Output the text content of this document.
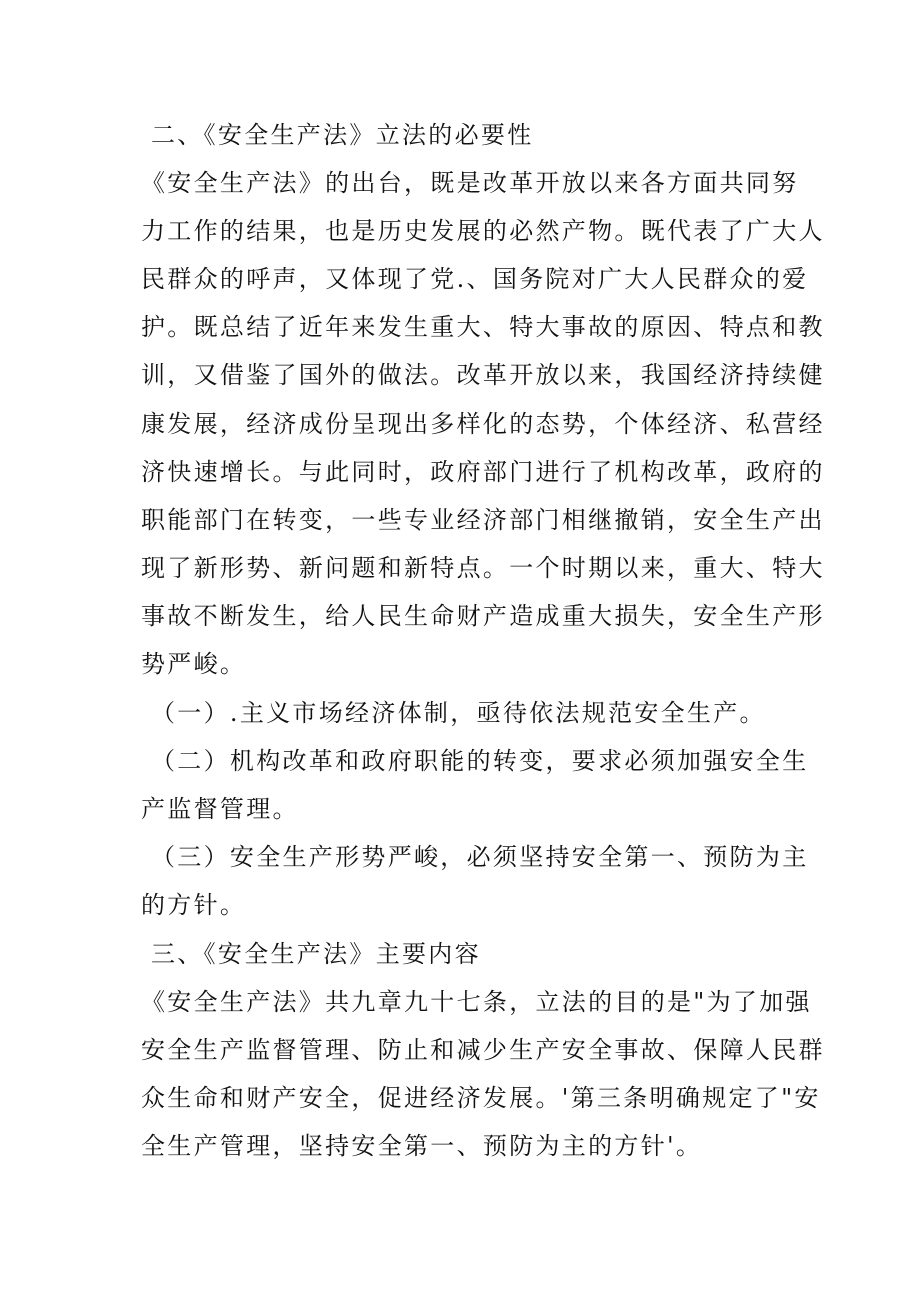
二、《安全生产法》立法的必要性
《安全生产法》的出台，既是改革开放以来各方面共同努
力工作的结果，也是历史发展的必然产物。既代表了广大人
民群众的呼声，又体现了党.、国务院对广大人民群众的爱
护。既总结了近年来发生重大、特大事故的原因、特点和教
训，又借鉴了国外的做法。改革开放以来，我国经济持续健
康发展，经济成份呈现出多样化的态势，个体经济、私营经
济快速增长。与此同时，政府部门进行了机构改革，政府的
职能部门在转变，一些专业经济部门相继撤销，安全生产出
现了新形势、新问题和新特点。一个时期以来，重大、特大
事故不断发生，给人民生命财产造成重大损失，安全生产形
势严峻。
（一）.主义市场经济体制，亟待依法规范安全生产。
（二）机构改革和政府职能的转变，要求必须加强安全生
产监督管理。
（三）安全生产形势严峻，必须坚持安全第一、预防为主
的方针。
三、《安全生产法》主要内容
《安全生产法》共九章九十七条，立法的目的是"为了加强
安全生产监督管理、防止和减少生产安全事故、保障人民群
众生命和财产安全，促进经济发展。'第三条明确规定了"安
全生产管理，坚持安全第一、预防为主的方针'。
